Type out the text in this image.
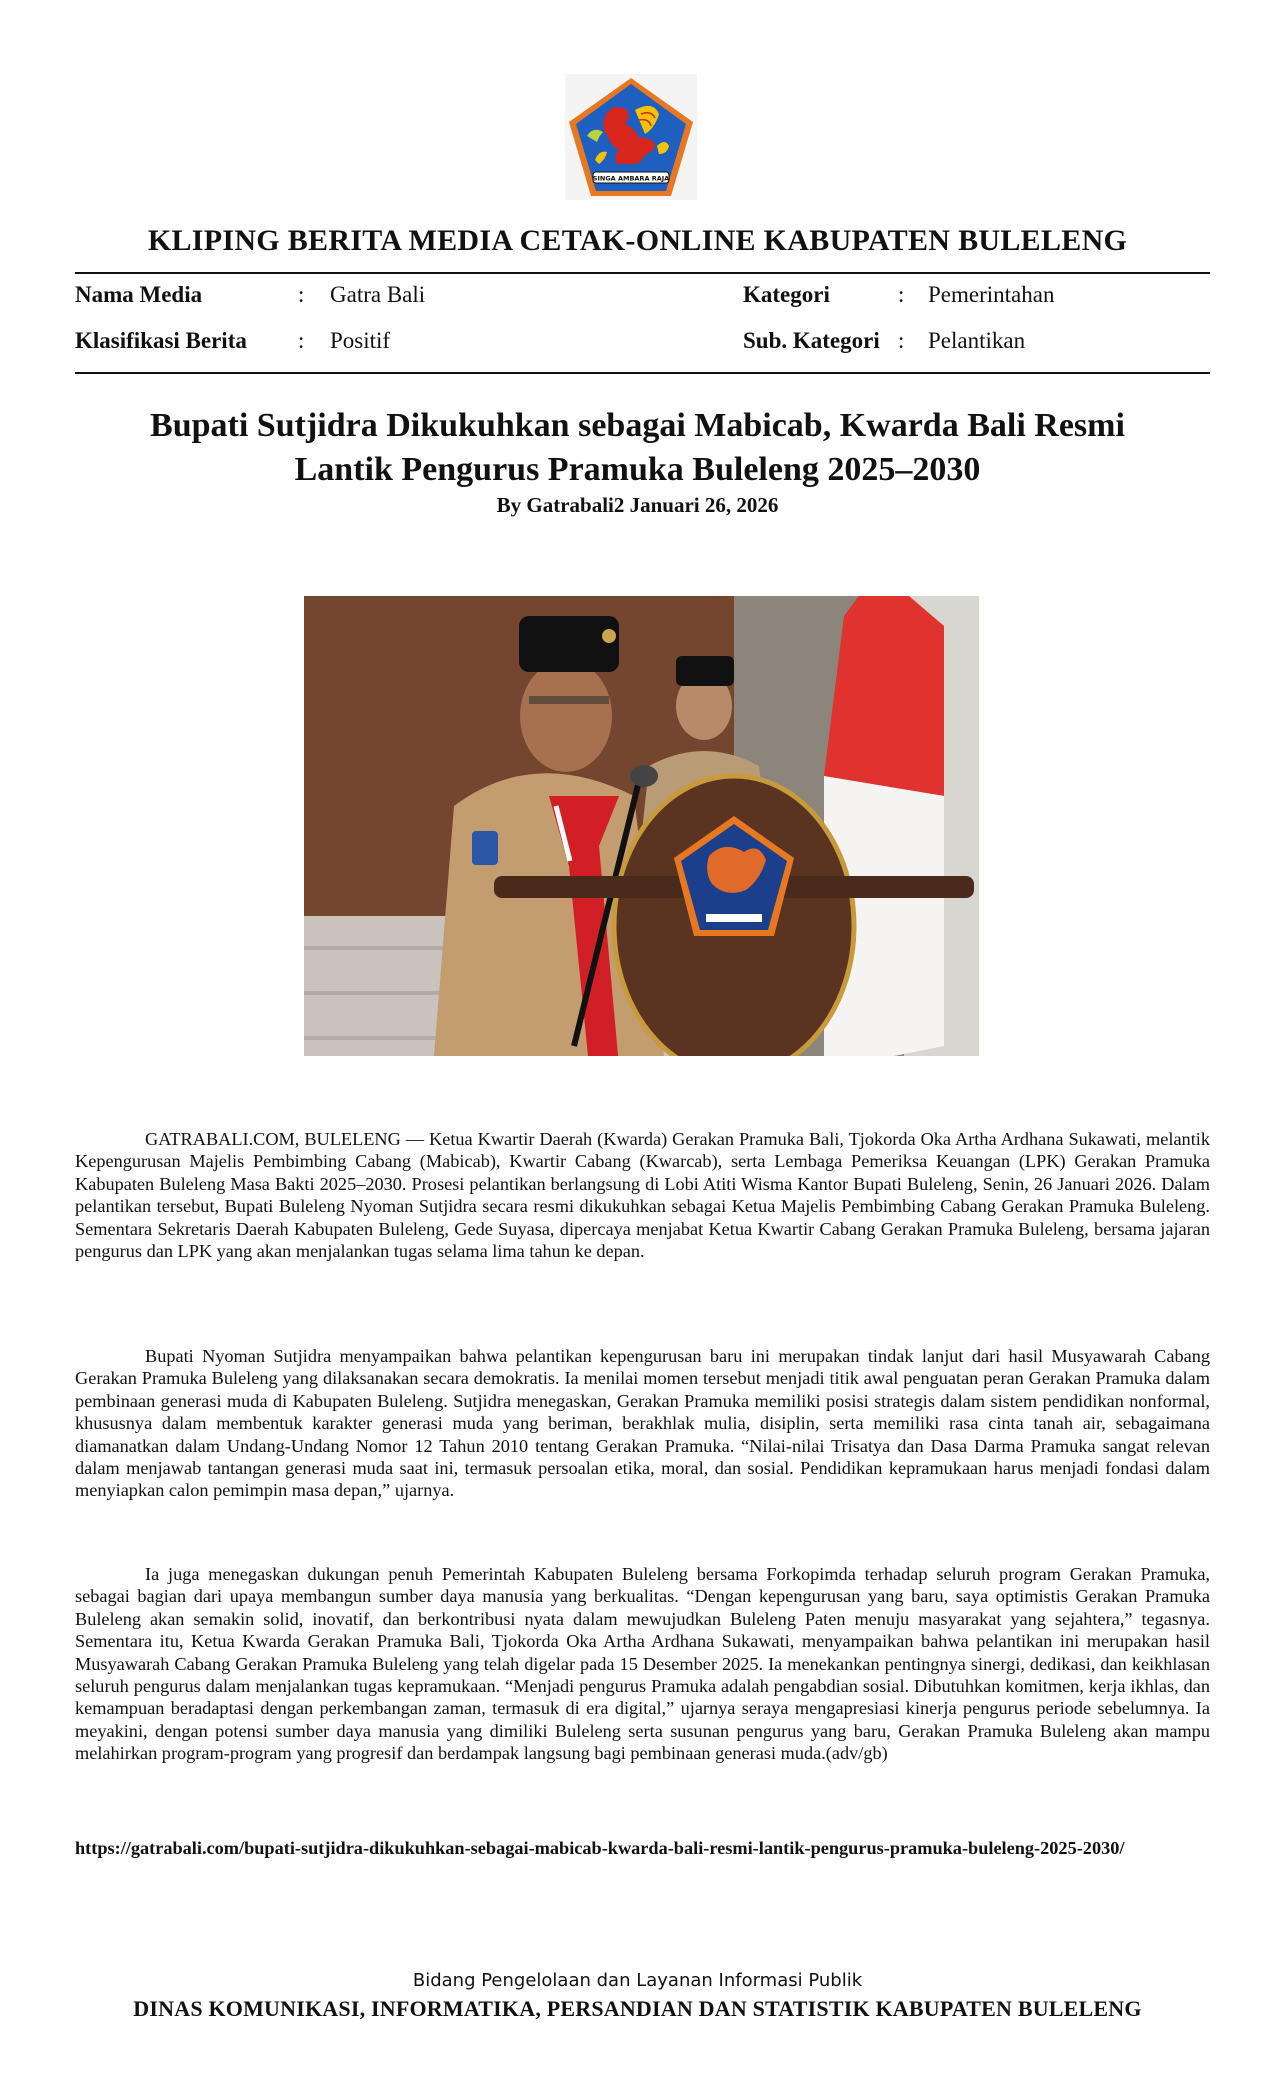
SINGA AMBARA RAJA
KLIPING BERITA MEDIA CETAK-ONLINE KABUPATEN BULELENG
Nama Media	: Gatra Bali	Kategori	: Pemerintahan
Klasifikasi Berita : Positif	Sub. Kategori : Pelantikan
Bupati Sutjidra Dikukuhkan sebagai Mabicab, Kwarda Bali Resmi
Lantik Pengurus Pramuka Buleleng 2025–2030
By Gatrabali2 Januari 26, 2026

GATRABALI.COM, BULELENG — Ketua Kwartir Daerah (Kwarda) Gerakan Pramuka Bali, Tjokorda Oka Artha Ardhana Sukawati, melantik Kepengurusan Majelis Pembimbing Cabang (Mabicab), Kwartir Cabang (Kwarcab), serta Lembaga Pemeriksa Keuangan (LPK) Gerakan Pramuka Kabupaten Buleleng Masa Bakti 2025–2030. Prosesi pelantikan berlangsung di Lobi Atiti Wisma Kantor Bupati Buleleng, Senin, 26 Januari 2026. Dalam pelantikan tersebut, Bupati Buleleng Nyoman Sutjidra secara resmi dikukuhkan sebagai Ketua Majelis Pembimbing Cabang Gerakan Pramuka Buleleng. Sementara Sekretaris Daerah Kabupaten Buleleng, Gede Suyasa, dipercaya menjabat Ketua Kwartir Cabang Gerakan Pramuka Buleleng, bersama jajaran pengurus dan LPK yang akan menjalankan tugas selama lima tahun ke depan.

Bupati Nyoman Sutjidra menyampaikan bahwa pelantikan kepengurusan baru ini merupakan tindak lanjut dari hasil Musyawarah Cabang Gerakan Pramuka Buleleng yang dilaksanakan secara demokratis. Ia menilai momen tersebut menjadi titik awal penguatan peran Gerakan Pramuka dalam pembinaan generasi muda di Kabupaten Buleleng. Sutjidra menegaskan, Gerakan Pramuka memiliki posisi strategis dalam sistem pendidikan nonformal, khususnya dalam membentuk karakter generasi muda yang beriman, berakhlak mulia, disiplin, serta memiliki rasa cinta tanah air, sebagaimana diamanatkan dalam Undang-Undang Nomor 12 Tahun 2010 tentang Gerakan Pramuka. “Nilai-nilai Trisatya dan Dasa Darma Pramuka sangat relevan dalam menjawab tantangan generasi muda saat ini, termasuk persoalan etika, moral, dan sosial. Pendidikan kepramukaan harus menjadi fondasi dalam menyiapkan calon pemimpin masa depan,” ujarnya.

Ia juga menegaskan dukungan penuh Pemerintah Kabupaten Buleleng bersama Forkopimda terhadap seluruh program Gerakan Pramuka, sebagai bagian dari upaya membangun sumber daya manusia yang berkualitas. “Dengan kepengurusan yang baru, saya optimistis Gerakan Pramuka Buleleng akan semakin solid, inovatif, dan berkontribusi nyata dalam mewujudkan Buleleng Paten menuju masyarakat yang sejahtera,” tegasnya. Sementara itu, Ketua Kwarda Gerakan Pramuka Bali, Tjokorda Oka Artha Ardhana Sukawati, menyampaikan bahwa pelantikan ini merupakan hasil Musyawarah Cabang Gerakan Pramuka Buleleng yang telah digelar pada 15 Desember 2025. Ia menekankan pentingnya sinergi, dedikasi, dan keikhlasan seluruh pengurus dalam menjalankan tugas kepramukaan. “Menjadi pengurus Pramuka adalah pengabdian sosial. Dibutuhkan komitmen, kerja ikhlas, dan kemampuan beradaptasi dengan perkembangan zaman, termasuk di era digital,” ujarnya seraya mengapresiasi kinerja pengurus periode sebelumnya. Ia meyakini, dengan potensi sumber daya manusia yang dimiliki Buleleng serta susunan pengurus yang baru, Gerakan Pramuka Buleleng akan mampu melahirkan program-program yang progresif dan berdampak langsung bagi pembinaan generasi muda.(adv/gb)

https://gatrabali.com/bupati-sutjidra-dikukuhkan-sebagai-mabicab-kwarda-bali-resmi-lantik-pengurus-pramuka-buleleng-2025-2030/
Bidang Pengelolaan dan Layanan Informasi Publik
DINAS KOMUNIKASI, INFORMATIKA, PERSANDIAN DAN STATISTIK KABUPATEN BULELENG
